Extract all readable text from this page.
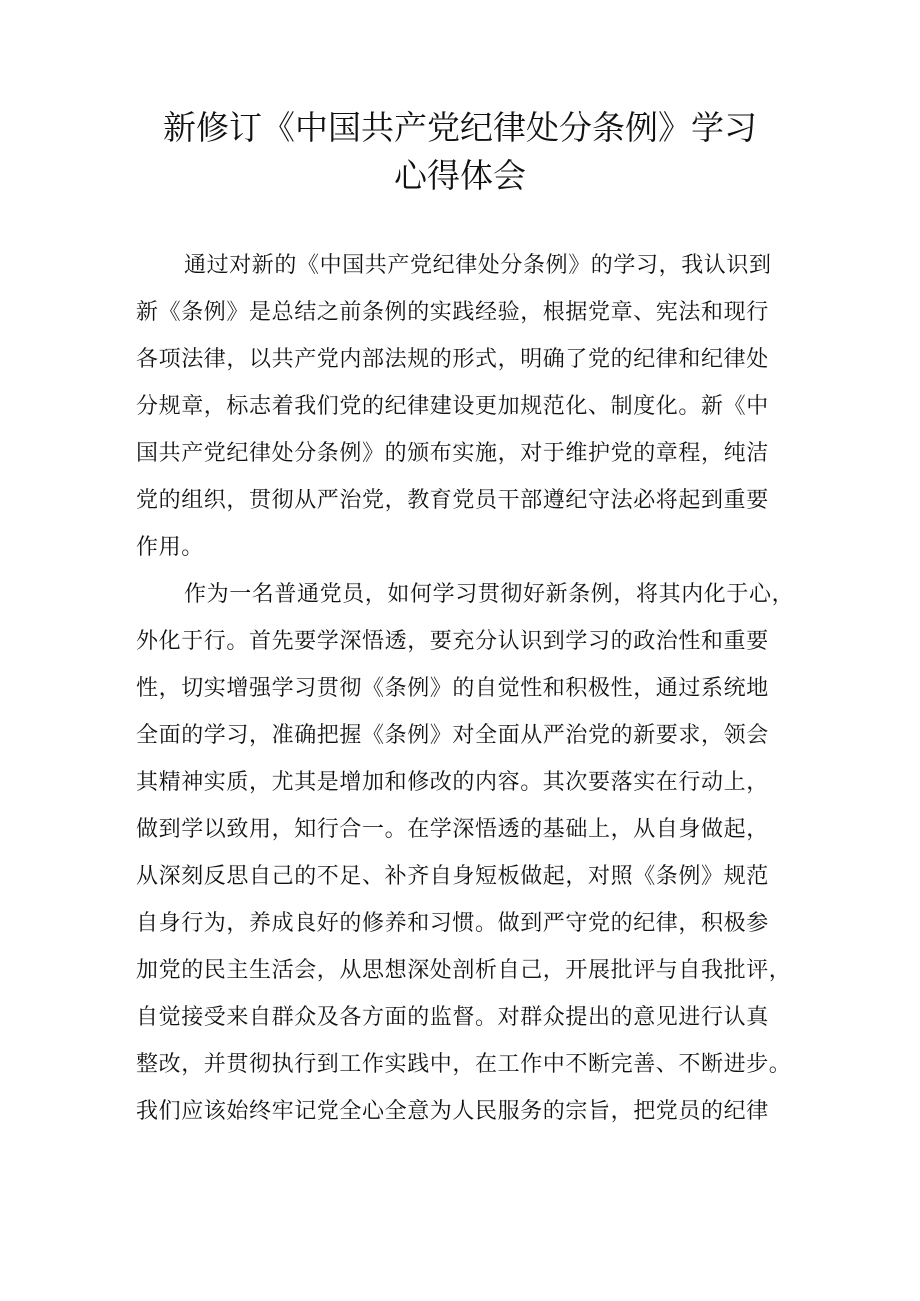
新修订《中国共产党纪律处分条例》学习
心得体会

通过对新的《中国共产党纪律处分条例》的学习，我认识到
新《条例》是总结之前条例的实践经验，根据党章、宪法和现行
各项法律，以共产党内部法规的形式，明确了党的纪律和纪律处
分规章，标志着我们党的纪律建设更加规范化、制度化。新《中
国共产党纪律处分条例》的颁布实施，对于维护党的章程，纯洁
党的组织，贯彻从严治党，教育党员干部遵纪守法必将起到重要
作用。

作为一名普通党员，如何学习贯彻好新条例，将其内化于心，
外化于行。首先要学深悟透，要充分认识到学习的政治性和重要
性，切实增强学习贯彻《条例》的自觉性和积极性，通过系统地
全面的学习，准确把握《条例》对全面从严治党的新要求，领会
其精神实质，尤其是增加和修改的内容。其次要落实在行动上，
做到学以致用，知行合一。在学深悟透的基础上，从自身做起，
从深刻反思自己的不足、补齐自身短板做起，对照《条例》规范
自身行为，养成良好的修养和习惯。做到严守党的纪律，积极参
加党的民主生活会，从思想深处剖析自己，开展批评与自我批评，
自觉接受来自群众及各方面的监督。对群众提出的意见进行认真
整改，并贯彻执行到工作实践中，在工作中不断完善、不断进步。
我们应该始终牢记党全心全意为人民服务的宗旨，把党员的纪律
